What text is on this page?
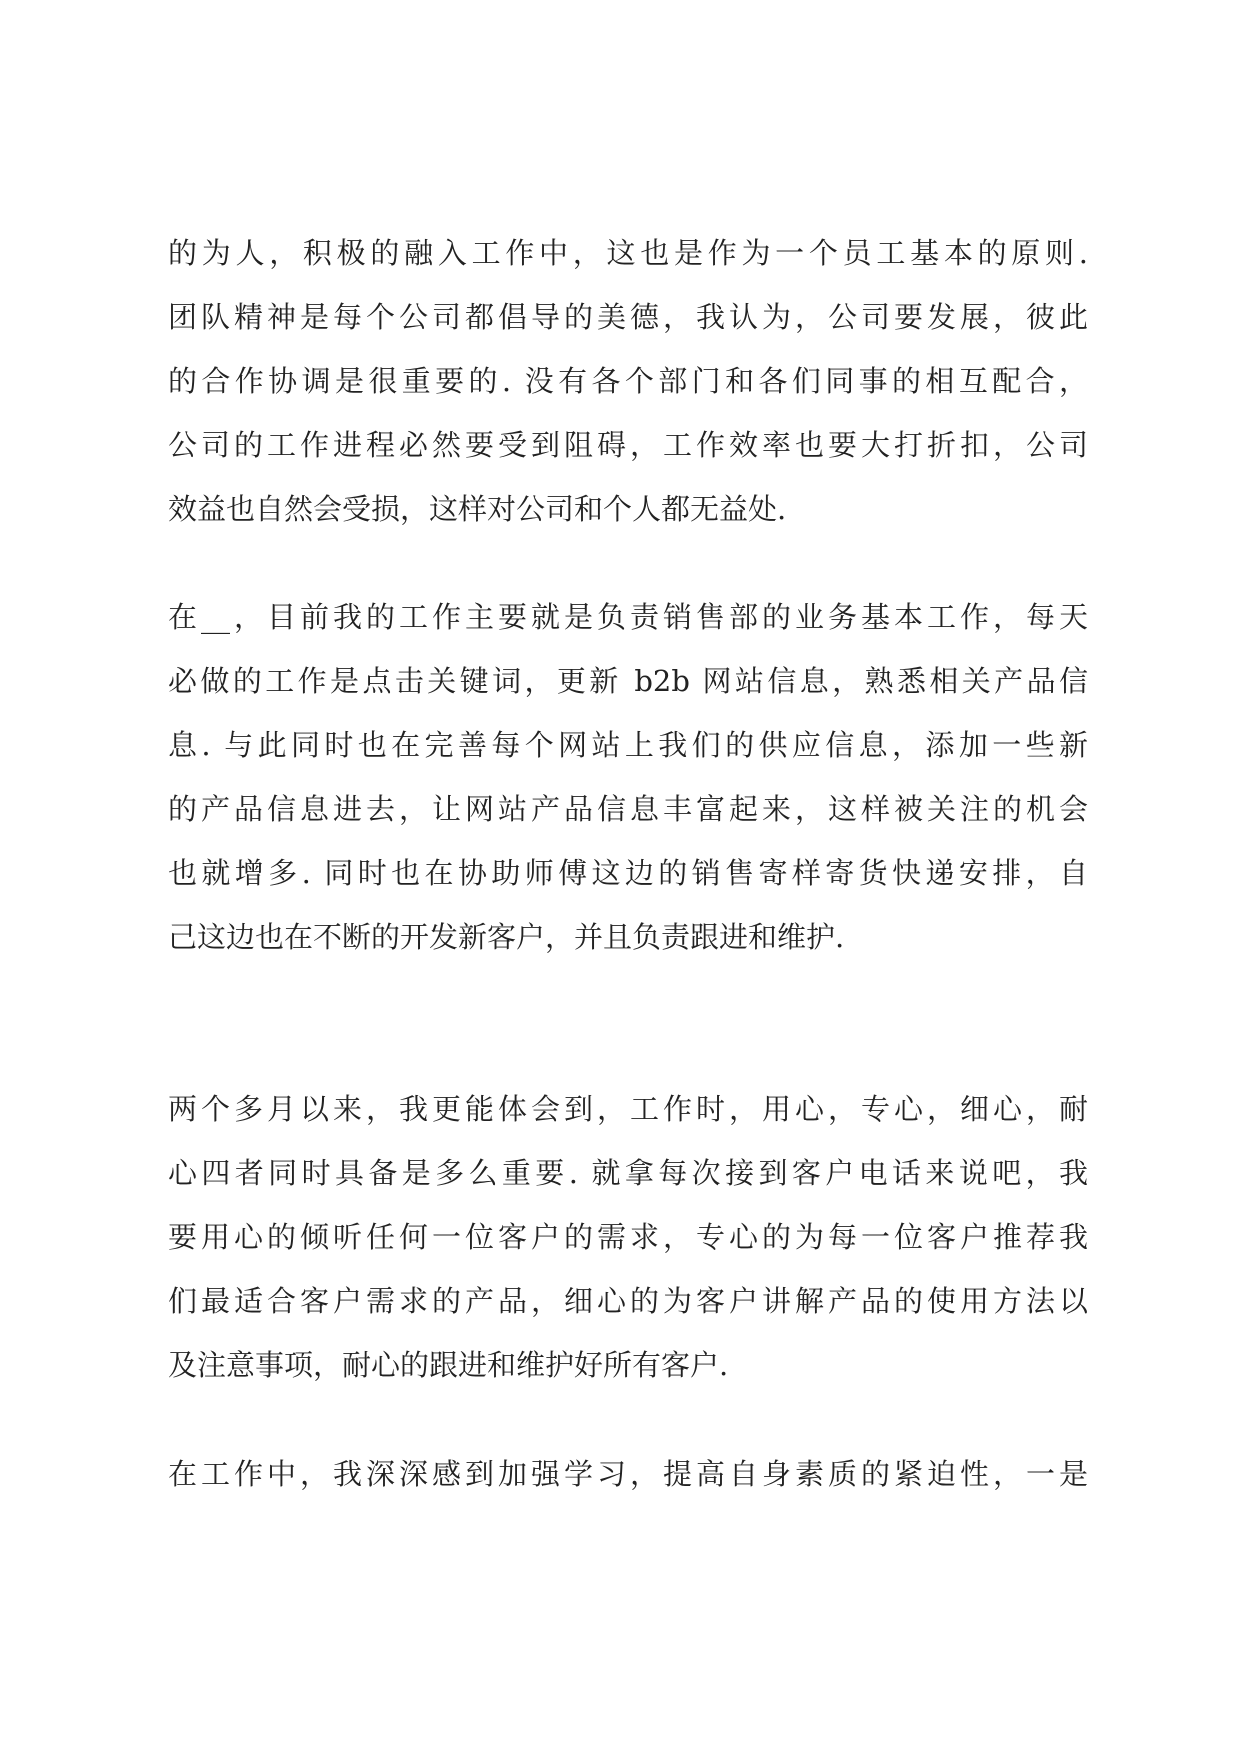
的为人，积极的融入工作中，这也是作为一个员工基本的原则.
团队精神是每个公司都倡导的美德，我认为，公司要发展，彼此
的合作协调是很重要的. 没有各个部门和各们同事的相互配合，
公司的工作进程必然要受到阻碍，工作效率也要大打折扣，公司
效益也自然会受损，这样对公司和个人都无益处.
在__，目前我的工作主要就是负责销售部的业务基本工作，每天
必做的工作是点击关键词，更新 b2b 网站信息，熟悉相关产品信
息. 与此同时也在完善每个网站上我们的供应信息，添加一些新
的产品信息进去，让网站产品信息丰富起来，这样被关注的机会
也就增多. 同时也在协助师傅这边的销售寄样寄货快递安排，自
己这边也在不断的开发新客户，并且负责跟进和维护.
两个多月以来，我更能体会到，工作时，用心，专心，细心，耐
心四者同时具备是多么重要. 就拿每次接到客户电话来说吧，我
要用心的倾听任何一位客户的需求，专心的为每一位客户推荐我
们最适合客户需求的产品，细心的为客户讲解产品的使用方法以
及注意事项，耐心的跟进和维护好所有客户.
在工作中，我深深感到加强学习，提高自身素质的紧迫性，一是
